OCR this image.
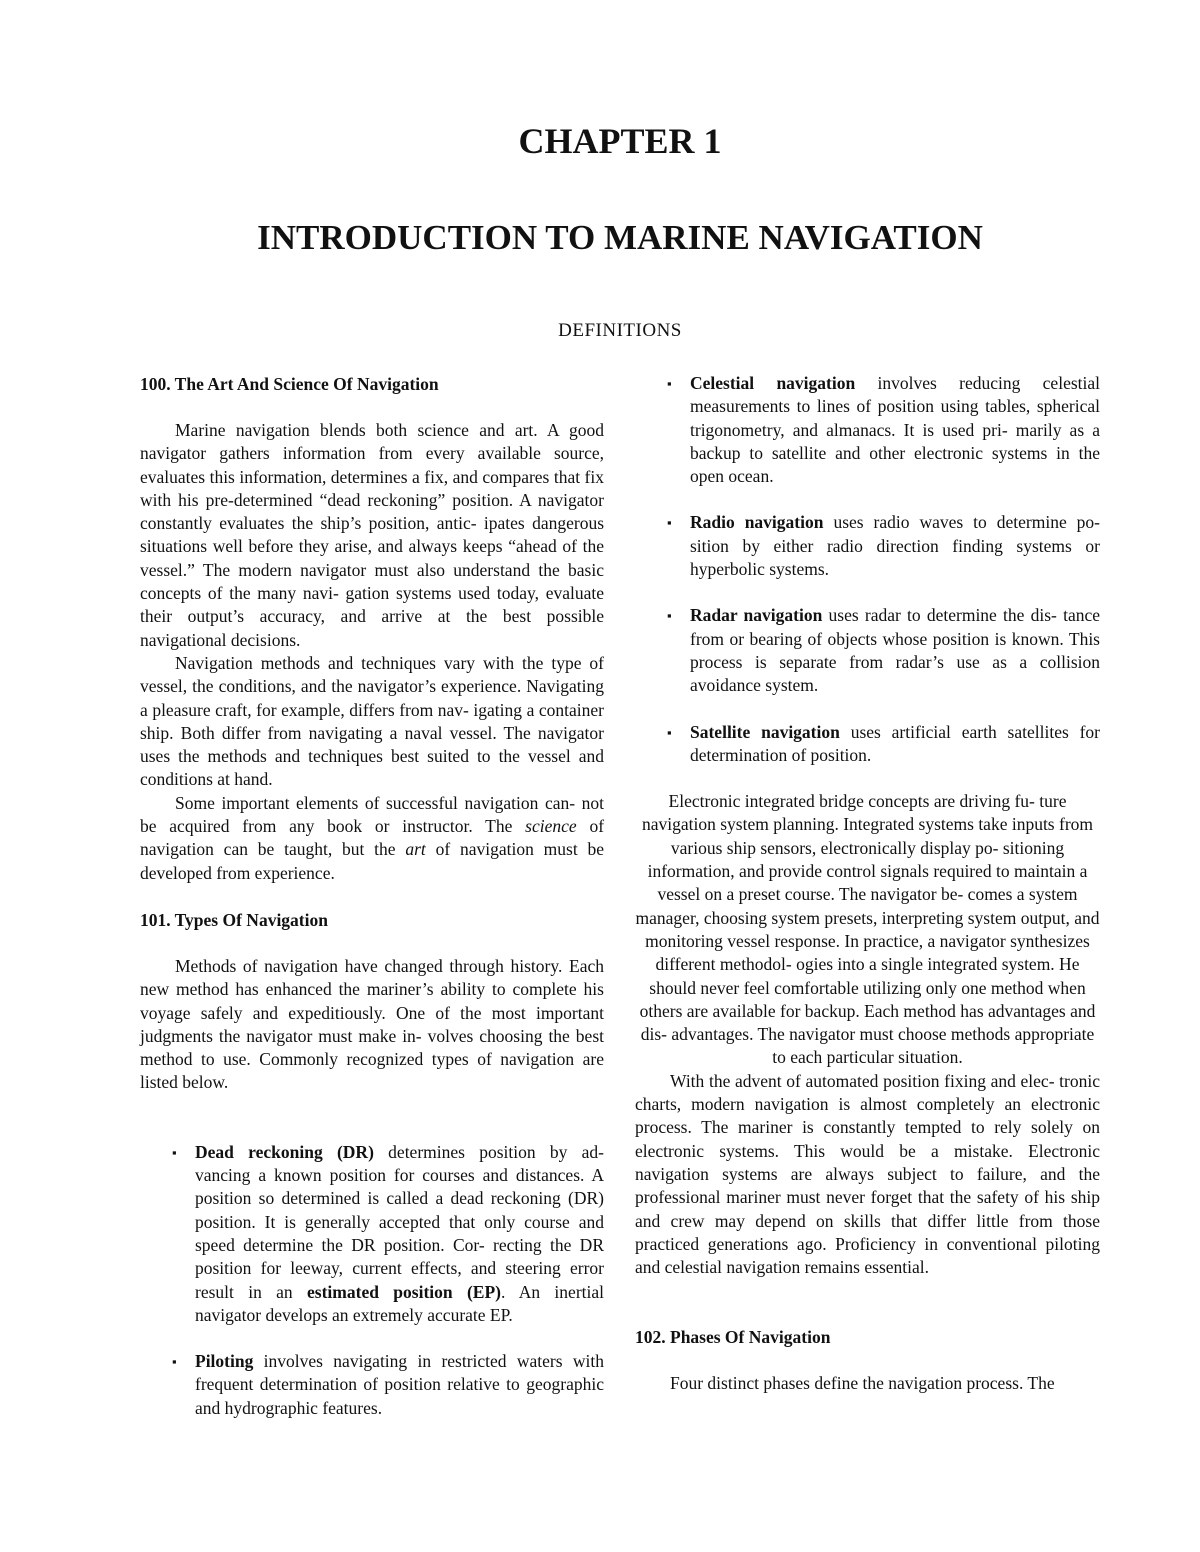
CHAPTER 1
INTRODUCTION TO MARINE NAVIGATION
DEFINITIONS
100. The Art And Science Of Navigation

Marine navigation blends both science and art. A good navigator gathers information from every available source, evaluates this information, determines a fix, and compares that fix with his pre-determined “dead reckoning” position. A navigator constantly evaluates the ship’s position, antic- ipates dangerous situations well before they arise, and always keeps “ahead of the vessel.” The modern navigator must also understand the basic concepts of the many navi- gation systems used today, evaluate their output’s accuracy, and arrive at the best possible navigational decisions.

Navigation methods and techniques vary with the type of vessel, the conditions, and the navigator’s experience. Navigating a pleasure craft, for example, differs from nav- igating a container ship. Both differ from navigating a naval vessel. The navigator uses the methods and techniques best suited to the vessel and conditions at hand.

Some important elements of successful navigation can- not be acquired from any book or instructor. The science of navigation can be taught, but the art of navigation must be developed from experience.

101. Types Of Navigation

Methods of navigation have changed through history. Each new method has enhanced the mariner’s ability to complete his voyage safely and expeditiously. One of the most important judgments the navigator must make in- volves choosing the best method to use. Commonly recognized types of navigation are listed below.

▪ Dead reckoning (DR) determines position by ad- vancing a known position for courses and distances. A position so determined is called a dead reckoning (DR) position. It is generally accepted that only course and speed determine the DR position. Cor- recting the DR position for leeway, current effects, and steering error result in an estimated position (EP). An inertial navigator develops an extremely accurate EP.
▪ Piloting involves navigating in restricted waters with frequent determination of position relative to geographic and hydrographic features.
▪ Celestial navigation involves reducing celestial measurements to lines of position using tables, spherical trigonometry, and almanacs. It is used pri- marily as a backup to satellite and other electronic systems in the open ocean.
▪ Radio navigation uses radio waves to determine po- sition by either radio direction finding systems or hyperbolic systems.
▪ Radar navigation uses radar to determine the dis- tance from or bearing of objects whose position is known. This process is separate from radar’s use as a collision avoidance system.
▪ Satellite navigation uses artificial earth satellites for determination of position.

Electronic integrated bridge concepts are driving fu- ture navigation system planning. Integrated systems take inputs from various ship sensors, electronically display po- sitioning information, and provide control signals required to maintain a vessel on a preset course. The navigator be- comes a system manager, choosing system presets, interpreting system output, and monitoring vessel response. In practice, a navigator synthesizes different methodol- ogies into a single integrated system. He should never feel comfortable utilizing only one method when others are available for backup. Each method has advantages and dis- advantages. The navigator must choose methods appropriate to each particular situation.

With the advent of automated position fixing and elec- tronic charts, modern navigation is almost completely an electronic process. The mariner is constantly tempted to rely solely on electronic systems. This would be a mistake. Electronic navigation systems are always subject to failure, and the professional mariner must never forget that the safety of his ship and crew may depend on skills that differ little from those practiced generations ago. Proficiency in conventional piloting and celestial navigation remains essential.

102. Phases Of Navigation

Four distinct phases define the navigation process. The
